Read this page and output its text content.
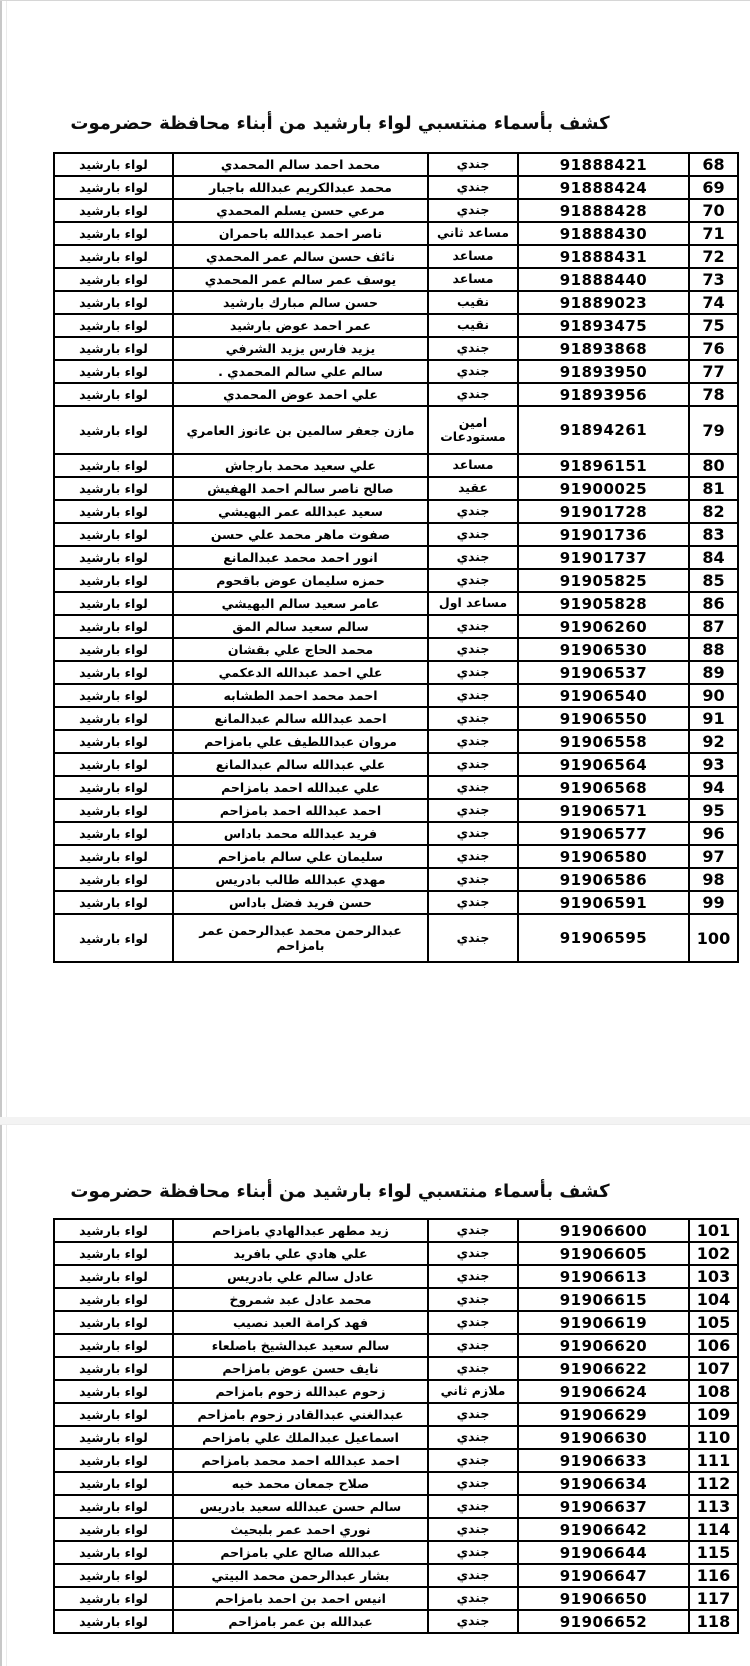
كشف بأسماء منتسبي لواء بارشيد من أبناء محافظة حضرموت
68	91888421	جندي	محمد احمد سالم المحمدي	لواء بارشيد
69	91888424	جندي	محمد عبدالكريم عبدالله باجبار	لواء بارشيد
70	91888428	جندي	مرعي حسن يسلم المحمدي	لواء بارشيد
71	91888430	مساعد ثاني	ناصر احمد عبدالله باحمران	لواء بارشيد
72	91888431	مساعد	نائف حسن سالم عمر المحمدي	لواء بارشيد
73	91888440	مساعد	يوسف عمر سالم عمر المحمدي	لواء بارشيد
74	91889023	نقيب	حسن سالم مبارك بارشيد	لواء بارشيد
75	91893475	نقيب	عمر احمد عوض بارشيد	لواء بارشيد
76	91893868	جندي	يزيد فارس يزيد الشرفي	لواء بارشيد
77	91893950	جندي	سالم علي سالم المحمدي .	لواء بارشيد
78	91893956	جندي	علي احمد عوض المحمدي	لواء بارشيد
79	91894261	امين مستودعات	مازن جعفر سالمين بن عانوز العامري	لواء بارشيد
80	91896151	مساعد	علي سعيد محمد بارجاش	لواء بارشيد
81	91900025	عقيد	صالح ناصر سالم احمد الهفيش	لواء بارشيد
82	91901728	جندي	سعيد عبدالله عمر البهيشي	لواء بارشيد
83	91901736	جندي	صفوت ماهر محمد علي حسن	لواء بارشيد
84	91901737	جندي	انور احمد محمد عبدالمانع	لواء بارشيد
85	91905825	جندي	حمزه سليمان عوض باقحوم	لواء بارشيد
86	91905828	مساعد اول	عامر سعيد سالم البهيشي	لواء بارشيد
87	91906260	جندي	سالم سعيد سالم المق	لواء بارشيد
88	91906530	جندي	محمد الحاج علي بقشان	لواء بارشيد
89	91906537	جندي	علي احمد عبدالله الدعكمي	لواء بارشيد
90	91906540	جندي	احمد محمد احمد الطشابه	لواء بارشيد
91	91906550	جندي	احمد عبدالله سالم عبدالمانع	لواء بارشيد
92	91906558	جندي	مروان عبداللطيف علي بامزاحم	لواء بارشيد
93	91906564	جندي	علي عبدالله سالم عبدالمانع	لواء بارشيد
94	91906568	جندي	علي عبدالله احمد بامزاحم	لواء بارشيد
95	91906571	جندي	احمد عبدالله احمد بامزاحم	لواء بارشيد
96	91906577	جندي	فريد عبدالله محمد باداس	لواء بارشيد
97	91906580	جندي	سليمان علي سالم بامزاحم	لواء بارشيد
98	91906586	جندي	مهدي عبدالله طالب بادريس	لواء بارشيد
99	91906591	جندي	حسن فريد فضل باداس	لواء بارشيد
100	91906595	جندي	عبدالرحمن محمد عبدالرحمن عمر بامزاحم	لواء بارشيد
كشف بأسماء منتسبي لواء بارشيد من أبناء محافظة حضرموت
101	91906600	جندي	زيد مطهر عبدالهادي بامزاحم	لواء بارشيد
102	91906605	جندي	علي هادي علي بافريد	لواء بارشيد
103	91906613	جندي	عادل سالم علي بادريس	لواء بارشيد
104	91906615	جندي	محمد عادل عبد شمروخ	لواء بارشيد
105	91906619	جندي	فهد كرامة العبد نصيب	لواء بارشيد
106	91906620	جندي	سالم سعيد عبدالشيخ باصلعاء	لواء بارشيد
107	91906622	جندي	نايف حسن عوض بامزاحم	لواء بارشيد
108	91906624	ملازم ثاني	زحوم عبدالله زحوم بامزاحم	لواء بارشيد
109	91906629	جندي	عبدالغني عبدالقادر زحوم بامزاحم	لواء بارشيد
110	91906630	جندي	اسماعيل عبدالملك علي بامزاحم	لواء بارشيد
111	91906633	جندي	احمد عبدالله احمد محمد بامزاحم	لواء بارشيد
112	91906634	جندي	صلاح جمعان محمد خبه	لواء بارشيد
113	91906637	جندي	سالم حسن عبدالله سعيد بادريس	لواء بارشيد
114	91906642	جندي	نوري احمد عمر بلبحيث	لواء بارشيد
115	91906644	جندي	عبدالله صالح علي بامزاحم	لواء بارشيد
116	91906647	جندي	بشار عبدالرحمن محمد البيتي	لواء بارشيد
117	91906650	جندي	انيس احمد بن احمد بامزاحم	لواء بارشيد
118	91906652	جندي	عبدالله بن عمر بامزاحم	لواء بارشيد
